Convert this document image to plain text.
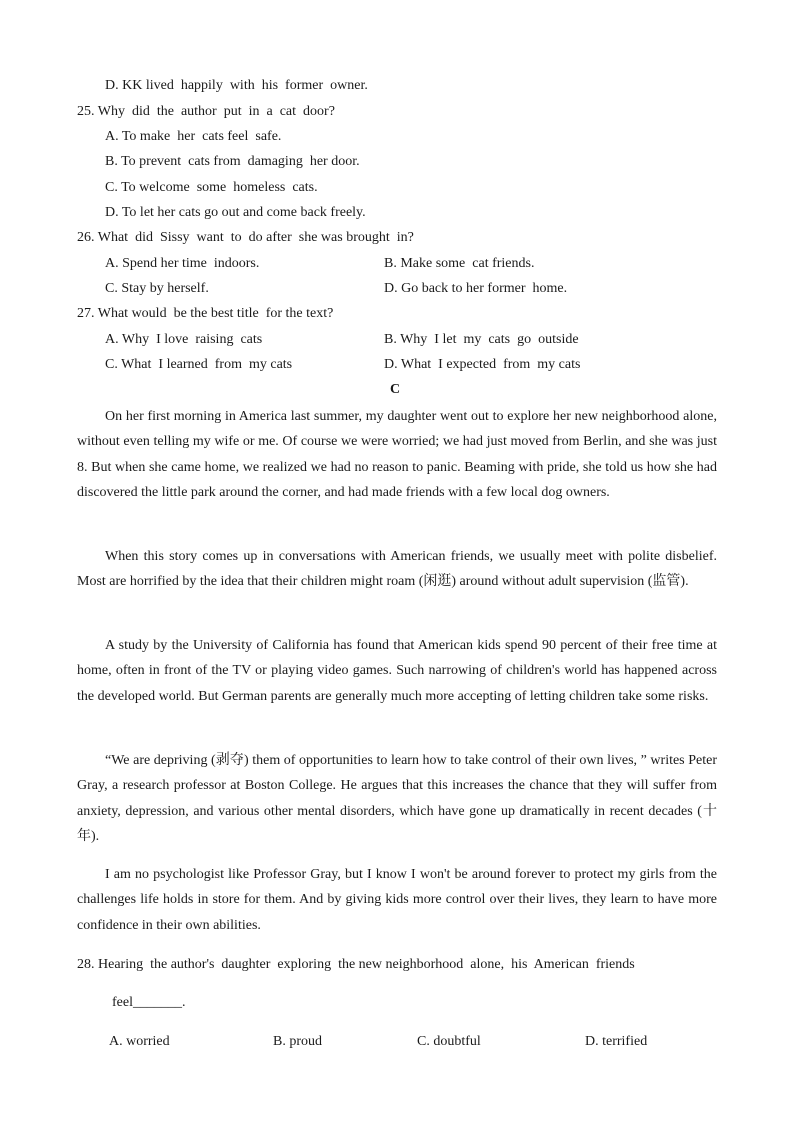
D. KK lived  happily  with  his  former  owner.
25. Why  did  the  author  put  in  a  cat  door?
A. To make  her  cats feel  safe.
B. To prevent  cats from  damaging  her door.
C. To welcome  some  homeless  cats.
D. To let her cats go out and come back freely.
26. What  did  Sissy  want  to  do after  she was brought  in?
A. Spend her time  indoors.	B. Make some  cat friends.
C. Stay by herself.	D. Go back to her former  home.
27. What would  be the best title  for the text?
A. Why  I love  raising  cats	B. Why  I let  my  cats  go  outside
C. What  I learned  from  my cats	D. What  I expected  from  my cats
C

On her first morning in America last summer, my daughter went out to explore her new neighborhood alone, without even telling my wife or me. Of course we were worried; we had just moved from Berlin, and she was just 8. But when she came home, we realized we had no reason to panic. Beaming with pride, she told us how she had discovered the little park around the corner, and had made friends with a few local dog owners.

When this story comes up in conversations with American friends, we usually meet with polite disbelief. Most are horrified by the idea that their children might roam (闲逛) around without adult supervision (监管).

A study by the University of California has found that American kids spend 90 percent of their free time at home, often in front of the TV or playing video games. Such narrowing of children's world has happened across the developed world. But German parents are generally much more accepting of letting children take some risks.

“We are depriving (剥夺) them of opportunities to learn how to take control of their own lives, ” writes Peter Gray, a research professor at Boston College. He argues that this increases the chance that they will suffer from anxiety, depression, and various other mental disorders, which have gone up dramatically in recent decades (十年).

I am no psychologist like Professor Gray, but I know I won't be around forever to protect my girls from the challenges life holds in store for them. And by giving kids more control over their lives, they learn to have more confidence in their own abilities.

28. Hearing  the author's  daughter  exploring  the new neighborhood  alone,  his  American  friends
feel_______.
A. worried	B. proud	C. doubtful	D. terrified
